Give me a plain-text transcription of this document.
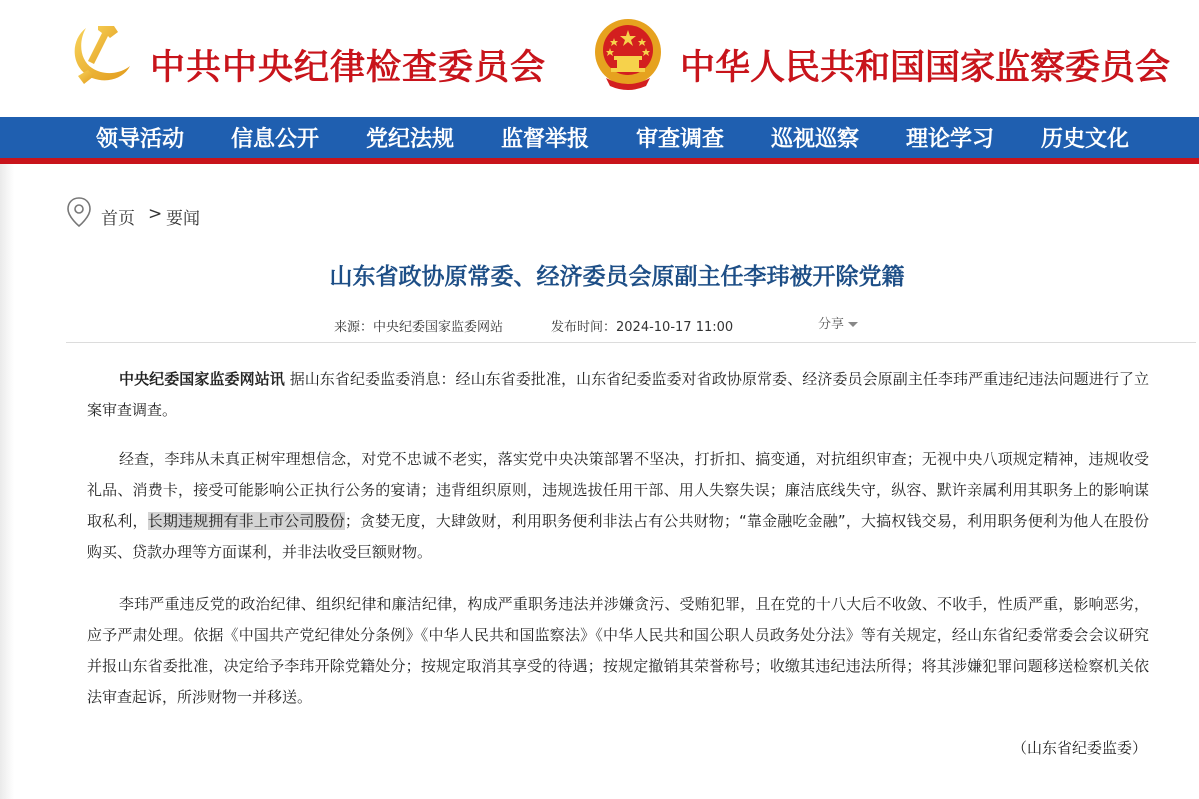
中共中央纪律检查委员会	中华人民共和国国家监察委员会
领导活动 信息公开 党纪法规 监督举报 审查调查 巡视巡察 理论学习 历史文化
首页 > 要闻
山东省政协原常委、经济委员会原副主任李玮被开除党籍
来源：中央纪委国家监委网站	发布时间：2024-10-17 11:00	分享

中央纪委国家监委网站讯 据山东省纪委监委消息：经山东省委批准，山东省纪委监委对省政协原常委、经济委员会原副主任李玮严重违纪违法问题进行了立案审查调查。

经查，李玮从未真正树牢理想信念，对党不忠诚不老实，落实党中央决策部署不坚决，打折扣、搞变通，对抗组织审查；无视中央八项规定精神，违规收受礼品、消费卡，接受可能影响公正执行公务的宴请；违背组织原则，违规选拔任用干部、用人失察失误；廉洁底线失守，纵容、默许亲属利用其职务上的影响谋取私利，长期违规拥有非上市公司股份；贪婪无度，大肆敛财，利用职务便利非法占有公共财物；“靠金融吃金融”，大搞权钱交易，利用职务便利为他人在股份购买、贷款办理等方面谋利，并非法收受巨额财物。

李玮严重违反党的政治纪律、组织纪律和廉洁纪律，构成严重职务违法并涉嫌贪污、受贿犯罪，且在党的十八大后不收敛、不收手，性质严重，影响恶劣，应予严肃处理。依据《中国共产党纪律处分条例》《中华人民共和国监察法》《中华人民共和国公职人员政务处分法》等有关规定，经山东省纪委常委会会议研究并报山东省委批准，决定给予李玮开除党籍处分；按规定取消其享受的待遇；按规定撤销其荣誉称号；收缴其违纪违法所得；将其涉嫌犯罪问题移送检察机关依法审查起诉，所涉财物一并移送。

（山东省纪委监委）
